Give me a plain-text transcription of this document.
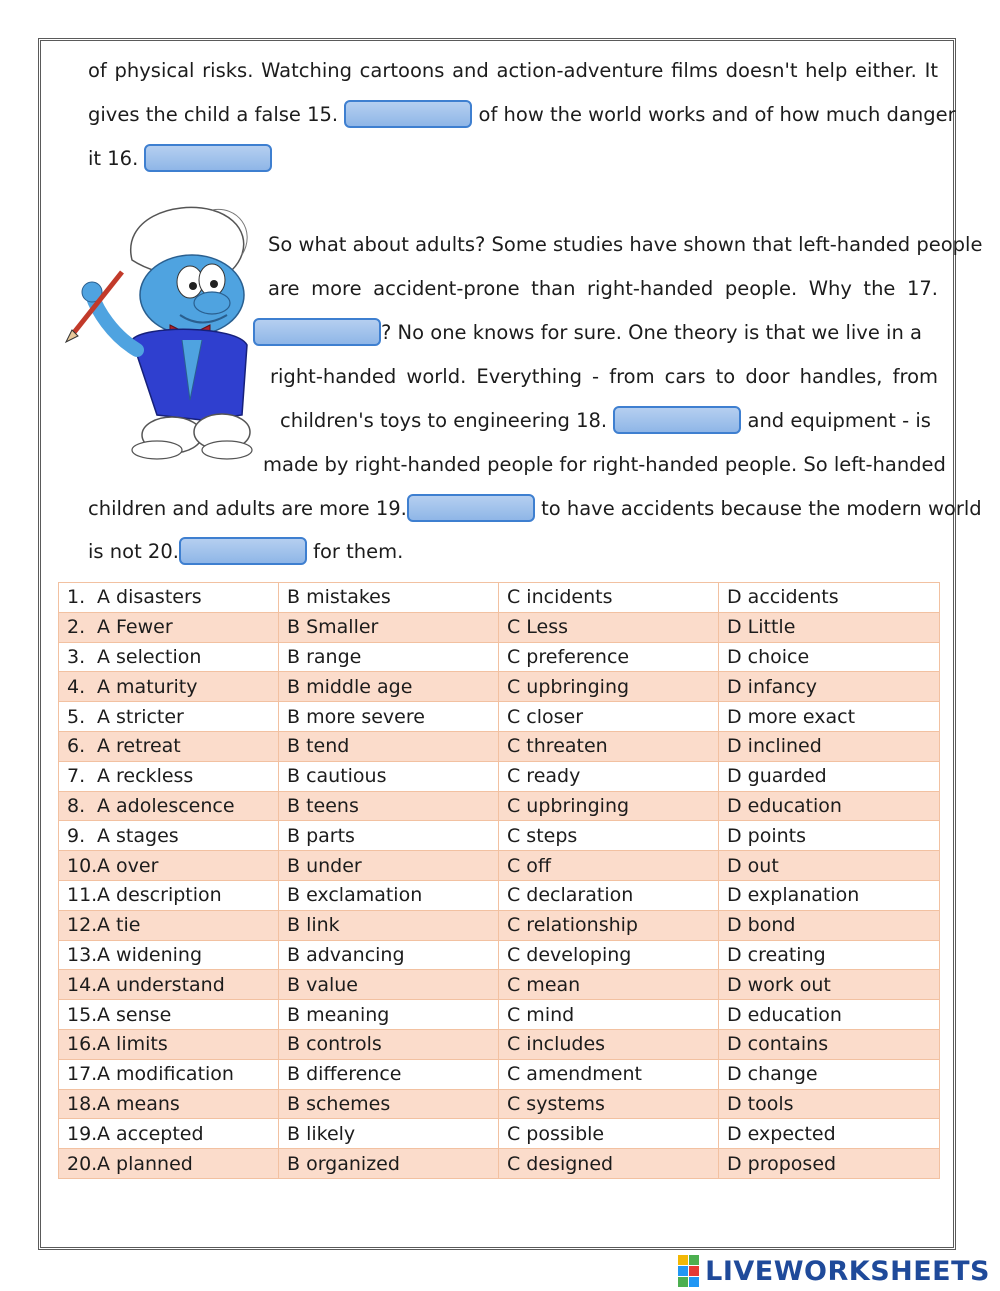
of physical risks. Watching cartoons and action-adventure films doesn't help either. It
gives the child a false 15.	of how the world works and of how much danger
it 16.
So what about adults? Some studies have shown that left-handed people
are more accident-prone than right-handed people. Why the 17.
? No one knows for sure. One theory is that we live in a
right-handed world. Everything - from cars to door handles, from
children's toys to engineering 18.	and equipment - is
made by right-handed people for right-handed people. So left-handed
children and adults are more 19.	to have accidents because the modern world
is not 20.	for them.
1. A disasters	B mistakes	C incidents	D accidents
2. A Fewer	B Smaller	C Less	D Little
3. A selection	B range	C preference	D choice
4. A maturity	B middle age	C upbringing	D infancy
5. A stricter	B more severe	C closer	D more exact
6. A retreat	B tend	C threaten	D inclined
7. A reckless	B cautious	C ready	D guarded
8. A adolescence	B teens	C upbringing	D education
9. A stages	B parts	C steps	D points
10.A over	B under	C off	D out
11.A description	B exclamation	C declaration	D explanation
12.A tie	B link	C relationship	D bond
13.A widening	B advancing	C developing	D creating
14.A understand	B value	C mean	D work out
15.A sense	B meaning	C mind	D education
16.A limits	B controls	C includes	D contains
17.A modification	B difference	C amendment	D change
18.A means	B schemes	C systems	D tools
19.A accepted	B likely	C possible	D expected
20.A planned	B organized	C designed	D proposed
LIVEWORKSHEETS
